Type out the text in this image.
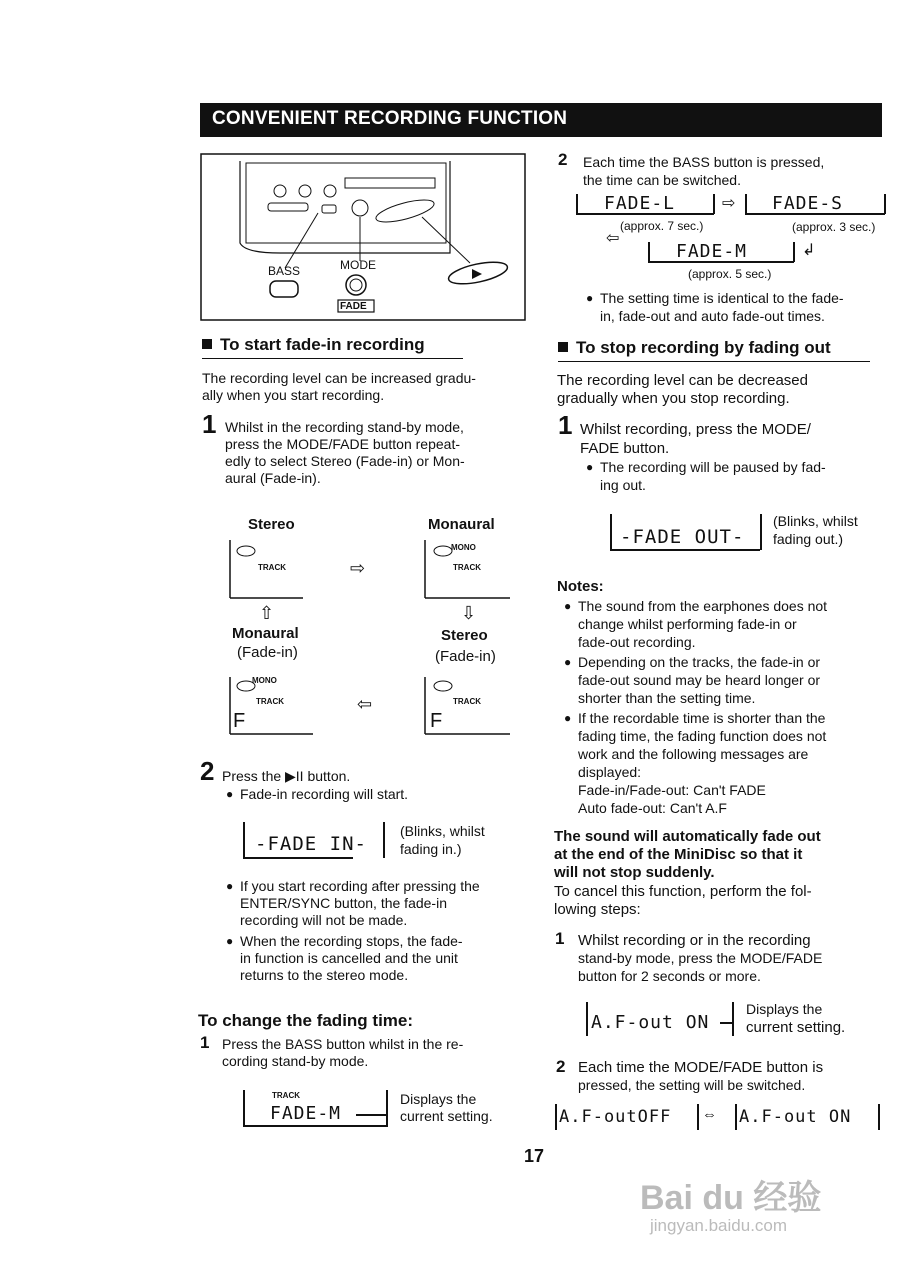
CONVENIENT RECORDING FUNCTION
BASS	MODE
FADE
To start fade-in recording
The recording level can be increased gradu-
ally when you start recording.
1 Whilst in the recording stand-by mode,
press the MODE/FADE button repeat-
edly to select Stereo (Fade-in) or Mon-
aural (Fade-in).
Stereo	Monaural
TRACK
MONO
TRACK
⇨
⇧	⇩
Monaural
(Fade-in)
Stereo
(Fade-in)
MONO
TRACK	TRACK
F	F
⇦
2 Press the ▶II button.
● Fade-in recording will start.
-FADE IN-
(Blinks, whilst
fading in.)
● If you start recording after pressing the
ENTER/SYNC button, the fade-in
recording will not be made.
● When the recording stops, the fade-
in function is cancelled and the unit
returns to the stereo mode.
To change the fading time:
1 Press the BASS button whilst in the re-
cording stand-by mode.
TRACK
FADE-M
Displays the
current setting.
2 Each time the BASS button is pressed,
the time can be switched.
FADE-L	⇨ FADE-S
(approx. 7 sec.)	(approx. 3 sec.)
⇦
FADE-M	↲
(approx. 5 sec.)
● The setting time is identical to the fade-
in, fade-out and auto fade-out times.
To stop recording by fading out
The recording level can be decreased
gradually when you stop recording.
1 Whilst recording, press the MODE/
FADE button.
● The recording will be paused by fad-
ing out.
-FADE OUT-
(Blinks, whilst
fading out.)
Notes:
● The sound from the earphones does not
change whilst performing fade-in or
fade-out recording.
● Depending on the tracks, the fade-in or
fade-out sound may be heard longer or
shorter than the setting time.
● If the recordable time is shorter than the
fading time, the fading function does not
work and the following messages are
displayed:
Fade-in/Fade-out: Can't FADE
Auto fade-out: Can't A.F
The sound will automatically fade out
at the end of the MiniDisc so that it
will not stop suddenly.
To cancel this function, perform the fol-
lowing steps:
1 Whilst recording or in the recording
stand-by mode, press the MODE/FADE
button for 2 seconds or more.
A.F-out ON
Displays the
current setting.
2 Each time the MODE/FADE button is
pressed, the setting will be switched.
A.F-outOFF ⇔ A.F-out ON
17
Bai du 经验
jingyan.baidu.com
